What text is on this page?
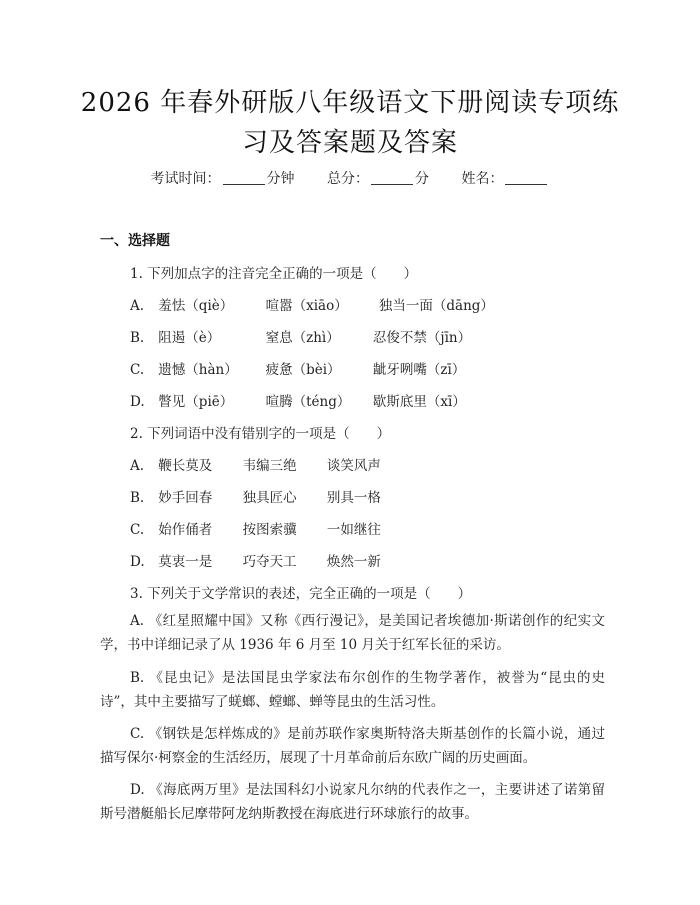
2026 年春外研版八年级语文下册阅读专项练
习及答案题及答案
考试时间：	分钟 总分：	分 姓名：
一、选择题
1. 下列加点字的注音完全正确的一项是（　　）
A. 羞怯（qiè） 喧嚣（xiāo） 独当一面（dāng）
B. 阻遏（è）	窒息（zhì） 忍俊不禁（jīn）
C. 遗憾（hàn） 疲惫（bèi） 龇牙咧嘴（zī）
D. 瞥见（piē） 喧腾（téng） 歇斯底里（xī）
2. 下列词语中没有错别字的一项是（　　）
A. 鞭长莫及 韦编三绝 谈笑风声
B. 妙手回春 独具匠心 别具一格
C. 始作俑者 按图索骥 一如继往
D. 莫衷一是 巧夺天工 焕然一新
3. 下列关于文学常识的表述，完全正确的一项是（　　）
A. 《红星照耀中国》又称《西行漫记》，是美国记者埃德加·斯诺创作的纪实文学，书中详细记录了从 1936 年 6 月至 10 月关于红军长征的采访。
B. 《昆虫记》是法国昆虫学家法布尔创作的生物学著作，被誉为“昆虫的史诗”，其中主要描写了蜣螂、螳螂、蝉等昆虫的生活习性。
C. 《钢铁是怎样炼成的》是前苏联作家奥斯特洛夫斯基创作的长篇小说，通过描写保尔·柯察金的生活经历，展现了十月革命前后东欧广阔的历史画面。
D. 《海底两万里》是法国科幻小说家凡尔纳的代表作之一，主要讲述了诺第留斯号潜艇船长尼摩带阿龙纳斯教授在海底进行环球旅行的故事。
